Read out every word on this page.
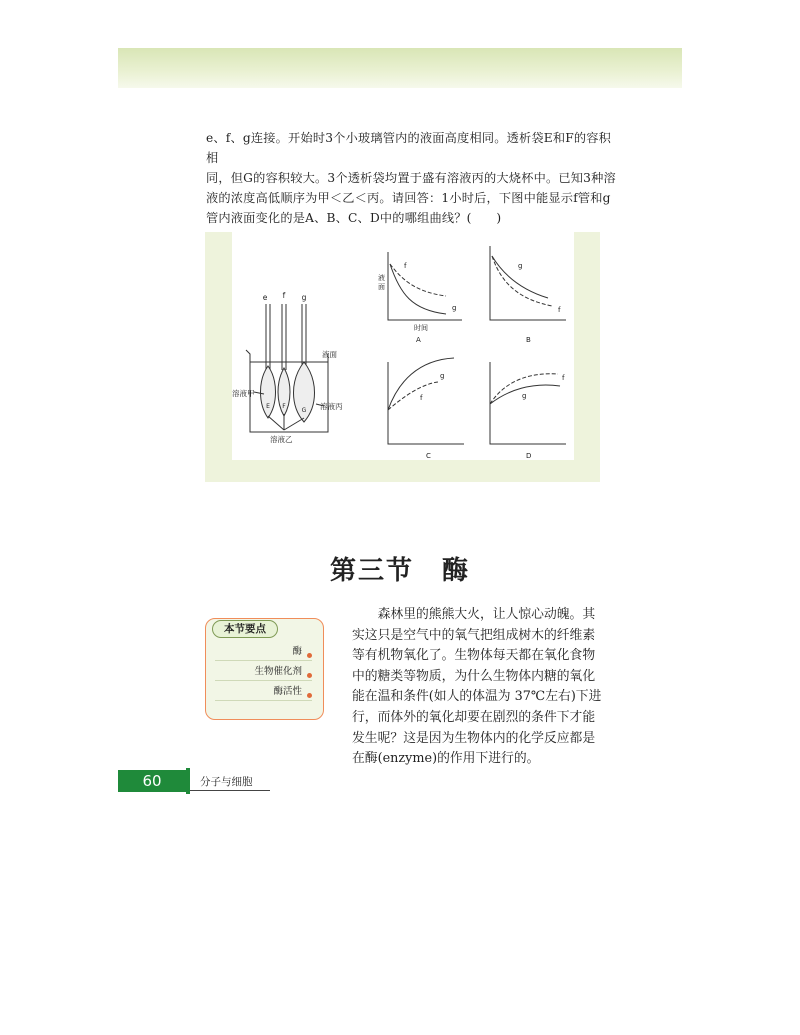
e、f、g连接。开始时3个小玻璃管内的液面高度相同。透析袋E和F的容积相

同，但G的容积较大。3个透析袋均置于盛有溶液丙的大烧杯中。已知3种溶

液的浓度高低顺序为甲＜乙＜丙。请回答：1小时后，下图中能显示f管和g

管内液面变化的是A、B、C、D中的哪组曲线？(　　)

e f g
E F
G
液面
溶液甲
溶液丙
溶液乙
液
面
时间
f
g
A
g
f
B
g
f
C
f
g
D
第三节　酶
本节要点
酶
生物催化剂
酶活性

森林里的熊熊大火，让人惊心动魄。其实这只是空气中的氧气把组成树木的纤维素等有机物氧化了。生物体每天都在氧化食物中的糖类等物质，为什么生物体内糖的氧化能在温和条件(如人的体温为 37℃左右)下进行，而体外的氧化却要在剧烈的条件下才能发生呢？这是因为生物体内的化学反应都是在酶(enzyme)的作用下进行的。

60	分子与细胞
